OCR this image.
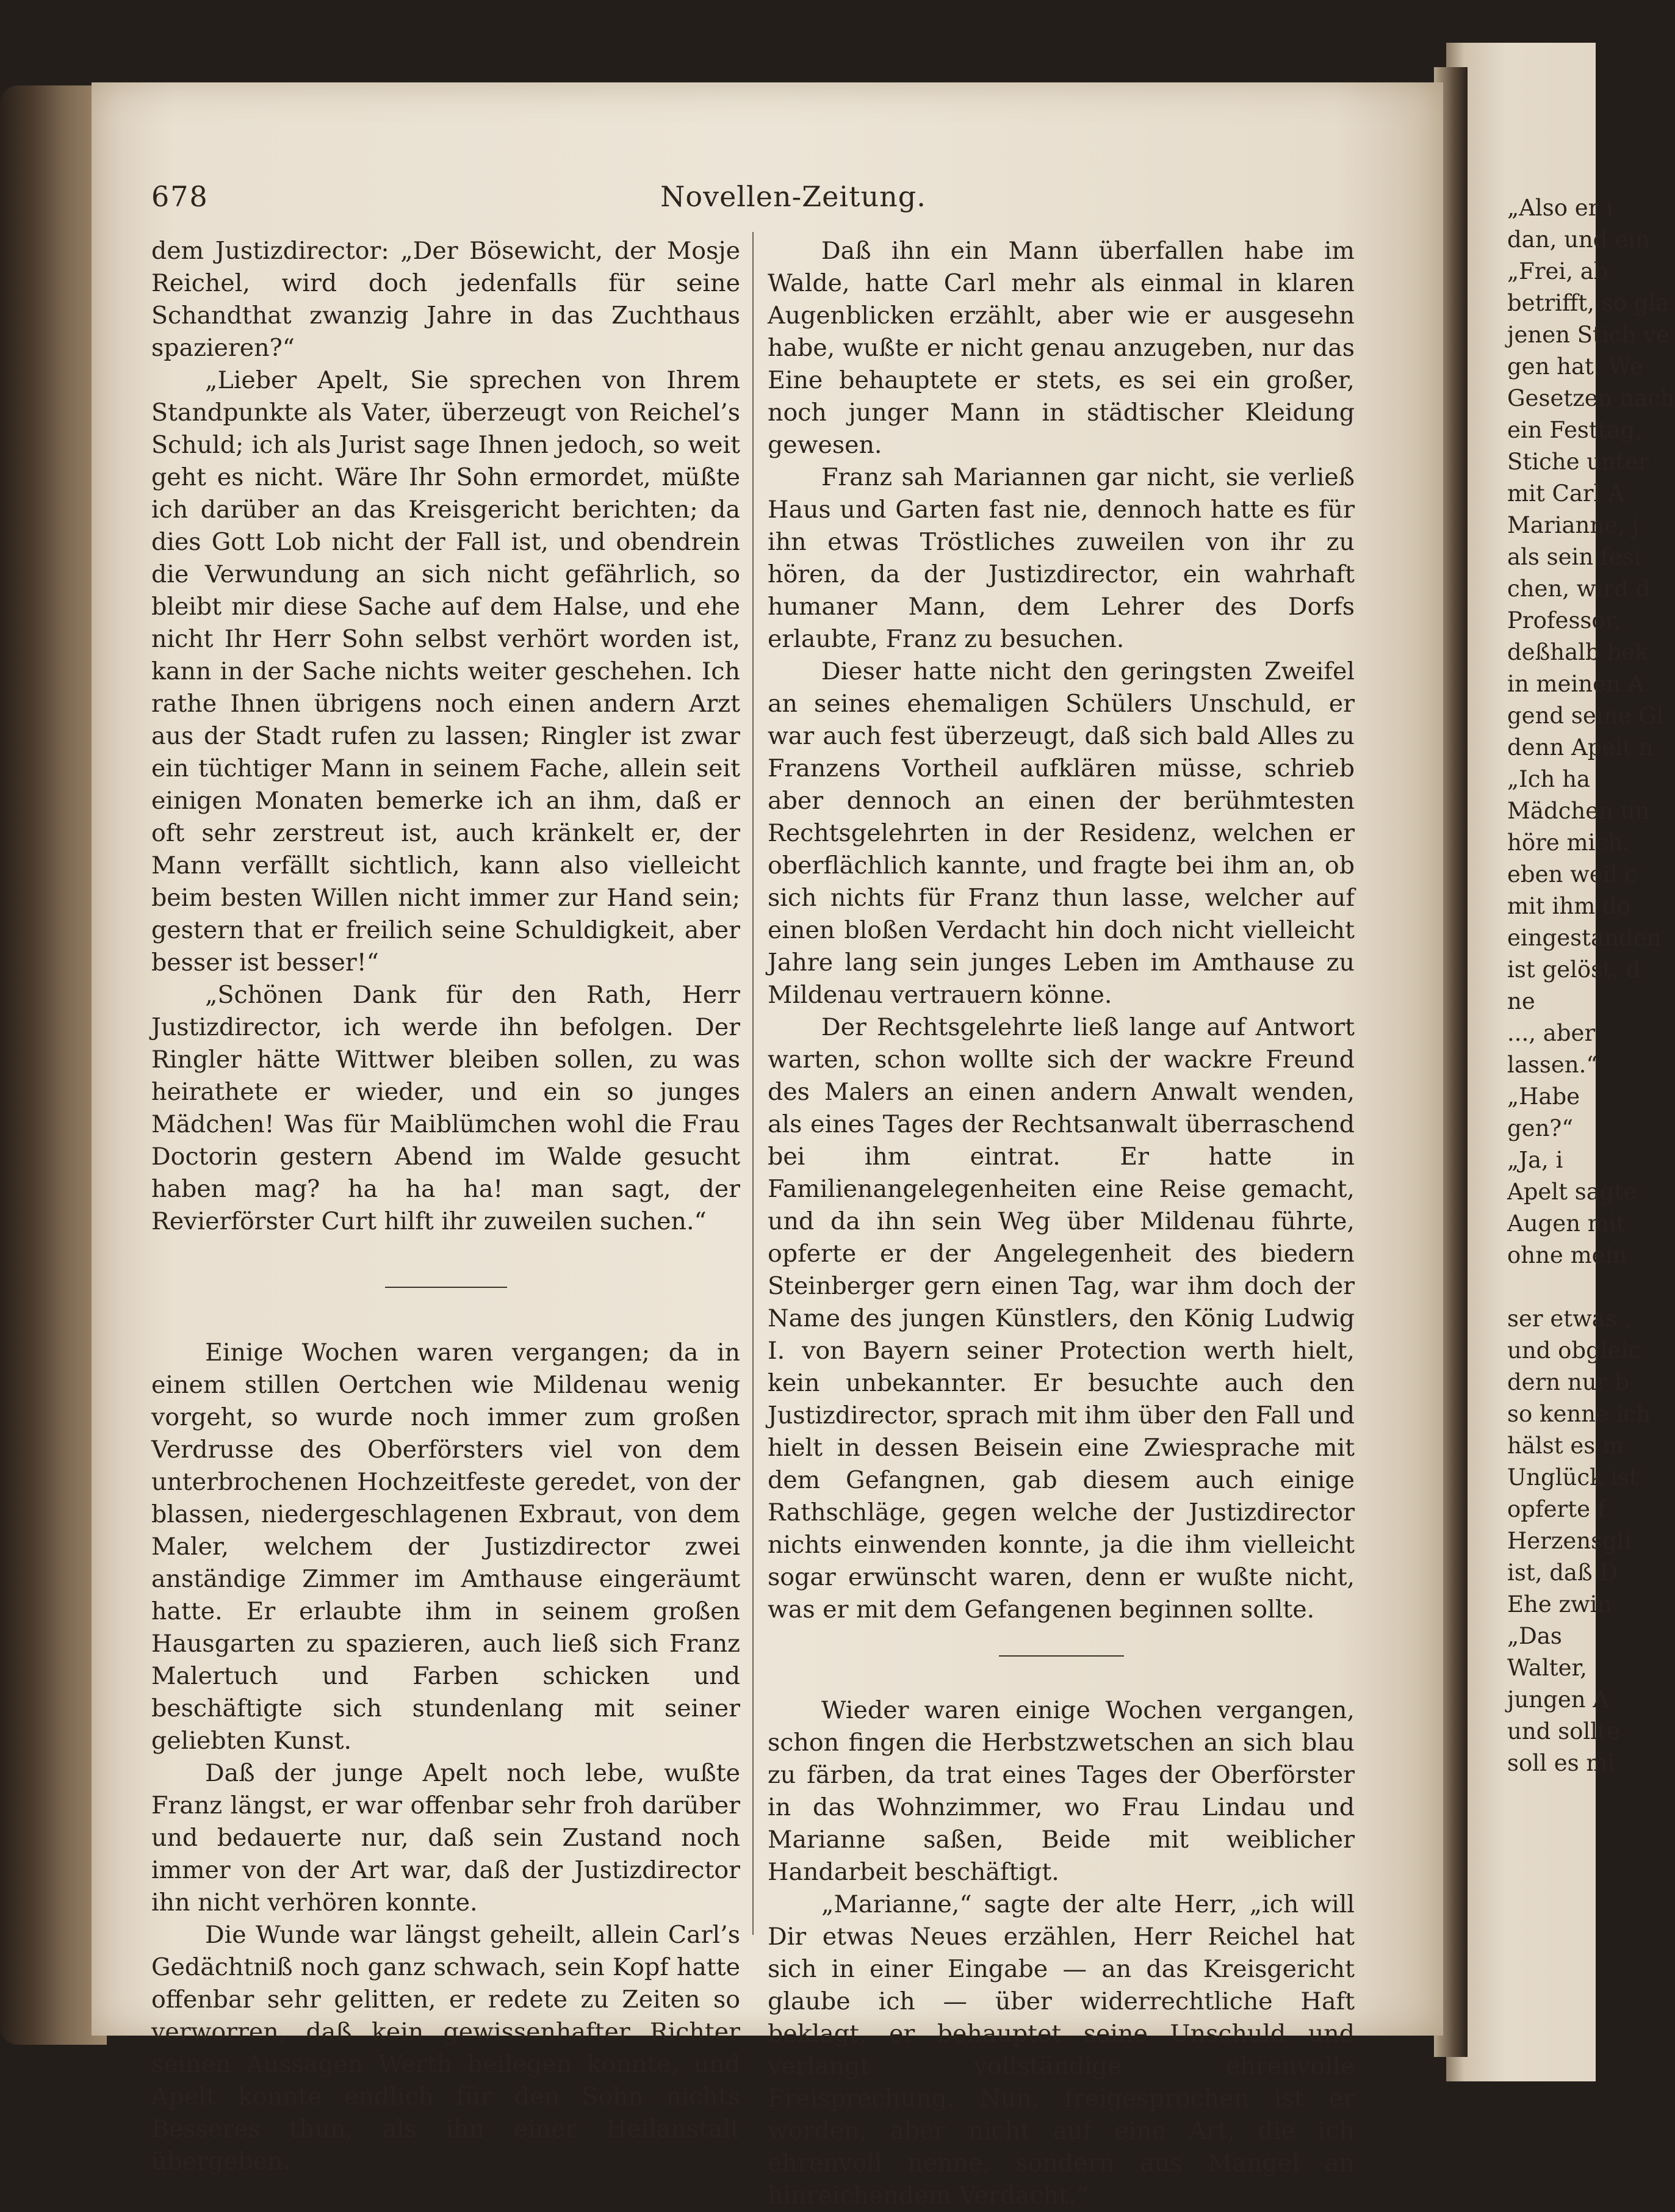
678	Novellen-Zeitung.

dem Justizdirector: „Der Bösewicht, der Mosje Reichel, wird doch jedenfalls für seine Schandthat zwanzig Jahre in das Zuchthaus spazieren?“

„Lieber Apelt, Sie sprechen von Ihrem Standpunkte als Vater, überzeugt von Reichel’s Schuld; ich als Jurist sage Ihnen jedoch, so weit geht es nicht. Wäre Ihr Sohn ermordet, müßte ich darüber an das Kreisgericht berichten; da dies Gott Lob nicht der Fall ist, und obendrein die Verwundung an sich nicht gefährlich, so bleibt mir diese Sache auf dem Halse, und ehe nicht Ihr Herr Sohn selbst verhört worden ist, kann in der Sache nichts weiter geschehen. Ich rathe Ihnen übrigens noch einen andern Arzt aus der Stadt rufen zu lassen; Ringler ist zwar ein tüchtiger Mann in seinem Fache, allein seit einigen Monaten bemerke ich an ihm, daß er oft sehr zerstreut ist, auch kränkelt er, der Mann verfällt sichtlich, kann also vielleicht beim besten Willen nicht immer zur Hand sein; gestern that er freilich seine Schuldigkeit, aber besser ist besser!“

„Schönen Dank für den Rath, Herr Justizdirector, ich werde ihn befolgen. Der Ringler hätte Wittwer bleiben sollen, zu was heirathete er wieder, und ein so junges Mädchen! Was für Maiblümchen wohl die Frau Doctorin gestern Abend im Walde gesucht haben mag? ha ha ha! man sagt, der Revierförster Curt hilft ihr zuweilen suchen.“

Einige Wochen waren vergangen; da in einem stillen Oertchen wie Mildenau wenig vorgeht, so wurde noch immer zum großen Verdrusse des Oberförsters viel von dem unterbrochenen Hochzeitfeste geredet, von der blassen, niedergeschlagenen Exbraut, von dem Maler, welchem der Justizdirector zwei anständige Zimmer im Amthause eingeräumt hatte. Er erlaubte ihm in seinem großen Hausgarten zu spazieren, auch ließ sich Franz Malertuch und Farben schicken und beschäftigte sich stundenlang mit seiner geliebten Kunst.

Daß der junge Apelt noch lebe, wußte Franz längst, er war offenbar sehr froh darüber und bedauerte nur, daß sein Zustand noch immer von der Art war, daß der Justizdirector ihn nicht verhören konnte.

Die Wunde war längst geheilt, allein Carl’s Gedächtniß noch ganz schwach, sein Kopf hatte offenbar sehr gelitten, er redete zu Zeiten so verworren, daß kein gewissenhafter Richter seinen Aussagen Werth beilegen konnte, und Apelt konnte endlich für den Sohn nichts Besseres thun, als ihn einer Heilanstalt übergeben.

Daß ihn ein Mann überfallen habe im Walde, hatte Carl mehr als einmal in klaren Augenblicken erzählt, aber wie er ausgesehn habe, wußte er nicht genau anzugeben, nur das Eine behauptete er stets, es sei ein großer, noch junger Mann in städtischer Kleidung gewesen.

Franz sah Mariannen gar nicht, sie verließ Haus und Garten fast nie, dennoch hatte es für ihn etwas Tröstliches zuweilen von ihr zu hören, da der Justizdirector, ein wahrhaft humaner Mann, dem Lehrer des Dorfs erlaubte, Franz zu besuchen.

Dieser hatte nicht den geringsten Zweifel an seines ehemaligen Schülers Unschuld, er war auch fest überzeugt, daß sich bald Alles zu Franzens Vortheil aufklären müsse, schrieb aber dennoch an einen der berühmtesten Rechtsgelehrten in der Residenz, welchen er oberflächlich kannte, und fragte bei ihm an, ob sich nichts für Franz thun lasse, welcher auf einen bloßen Verdacht hin doch nicht vielleicht Jahre lang sein junges Leben im Amthause zu Mildenau vertrauern könne.

Der Rechtsgelehrte ließ lange auf Antwort warten, schon wollte sich der wackre Freund des Malers an einen andern Anwalt wenden, als eines Tages der Rechtsanwalt überraschend bei ihm eintrat. Er hatte in Familienangelegenheiten eine Reise gemacht, und da ihn sein Weg über Mildenau führte, opferte er der Angelegenheit des biedern Steinberger gern einen Tag, war ihm doch der Name des jungen Künstlers, den König Ludwig I. von Bayern seiner Protection werth hielt, kein unbekannter. Er besuchte auch den Justizdirector, sprach mit ihm über den Fall und hielt in dessen Beisein eine Zwiesprache mit dem Gefangnen, gab diesem auch einige Rathschläge, gegen welche der Justizdirector nichts einwenden konnte, ja die ihm vielleicht sogar erwünscht waren, denn er wußte nicht, was er mit dem Gefangenen beginnen sollte.

Wieder waren einige Wochen vergangen, schon fingen die Herbstzwetschen an sich blau zu färben, da trat eines Tages der Oberförster in das Wohnzimmer, wo Frau Lindau und Marianne saßen, Beide mit weiblicher Handarbeit beschäftigt.

„Marianne,“ sagte der alte Herr, „ich will Dir etwas Neues erzählen, Herr Reichel hat sich in einer Eingabe — an das Kreisgericht glaube ich — über widerrechtliche Haft beklagt, er behauptet seine Unschuld und verlangt vollständige ehrenvolle Freisprechung. Nun, freigesprochen ist er worden, aber nicht auf eine Art, die ich ehrenvoll nenne, sondern aus Mangel an hinreichendem Verdacht.“

„Also er i
dan, und ein
„Frei, ab
betrifft, so gla
jenen Stich ve
gen hat. We
Gesetzen nach
ein Festtag,
Stiche unter
mit Carl A
Marianne, j
als sein fesi
chen, wird d
Professor,
deßhalb bek
in meinen A
gend seine Gl
denn Apelt n
„Ich ha
Mädchen un
höre mich.
eben weil c
mit ihm do
eingestanden
ist gelöst, d
ne
..., aber
lassen.“
„Habe
gen?“
„Ja, i
Apelt sagte
Augen mit
ohne mein
ser etwas ,
und obgleic
dern nur b
so kenne ich
hälst es m
Unglück ist
opferte f
Herzensgli
ist, daß D
Ehe zwin
„Das
Walter,
jungen A
und sollte
soll es mi
